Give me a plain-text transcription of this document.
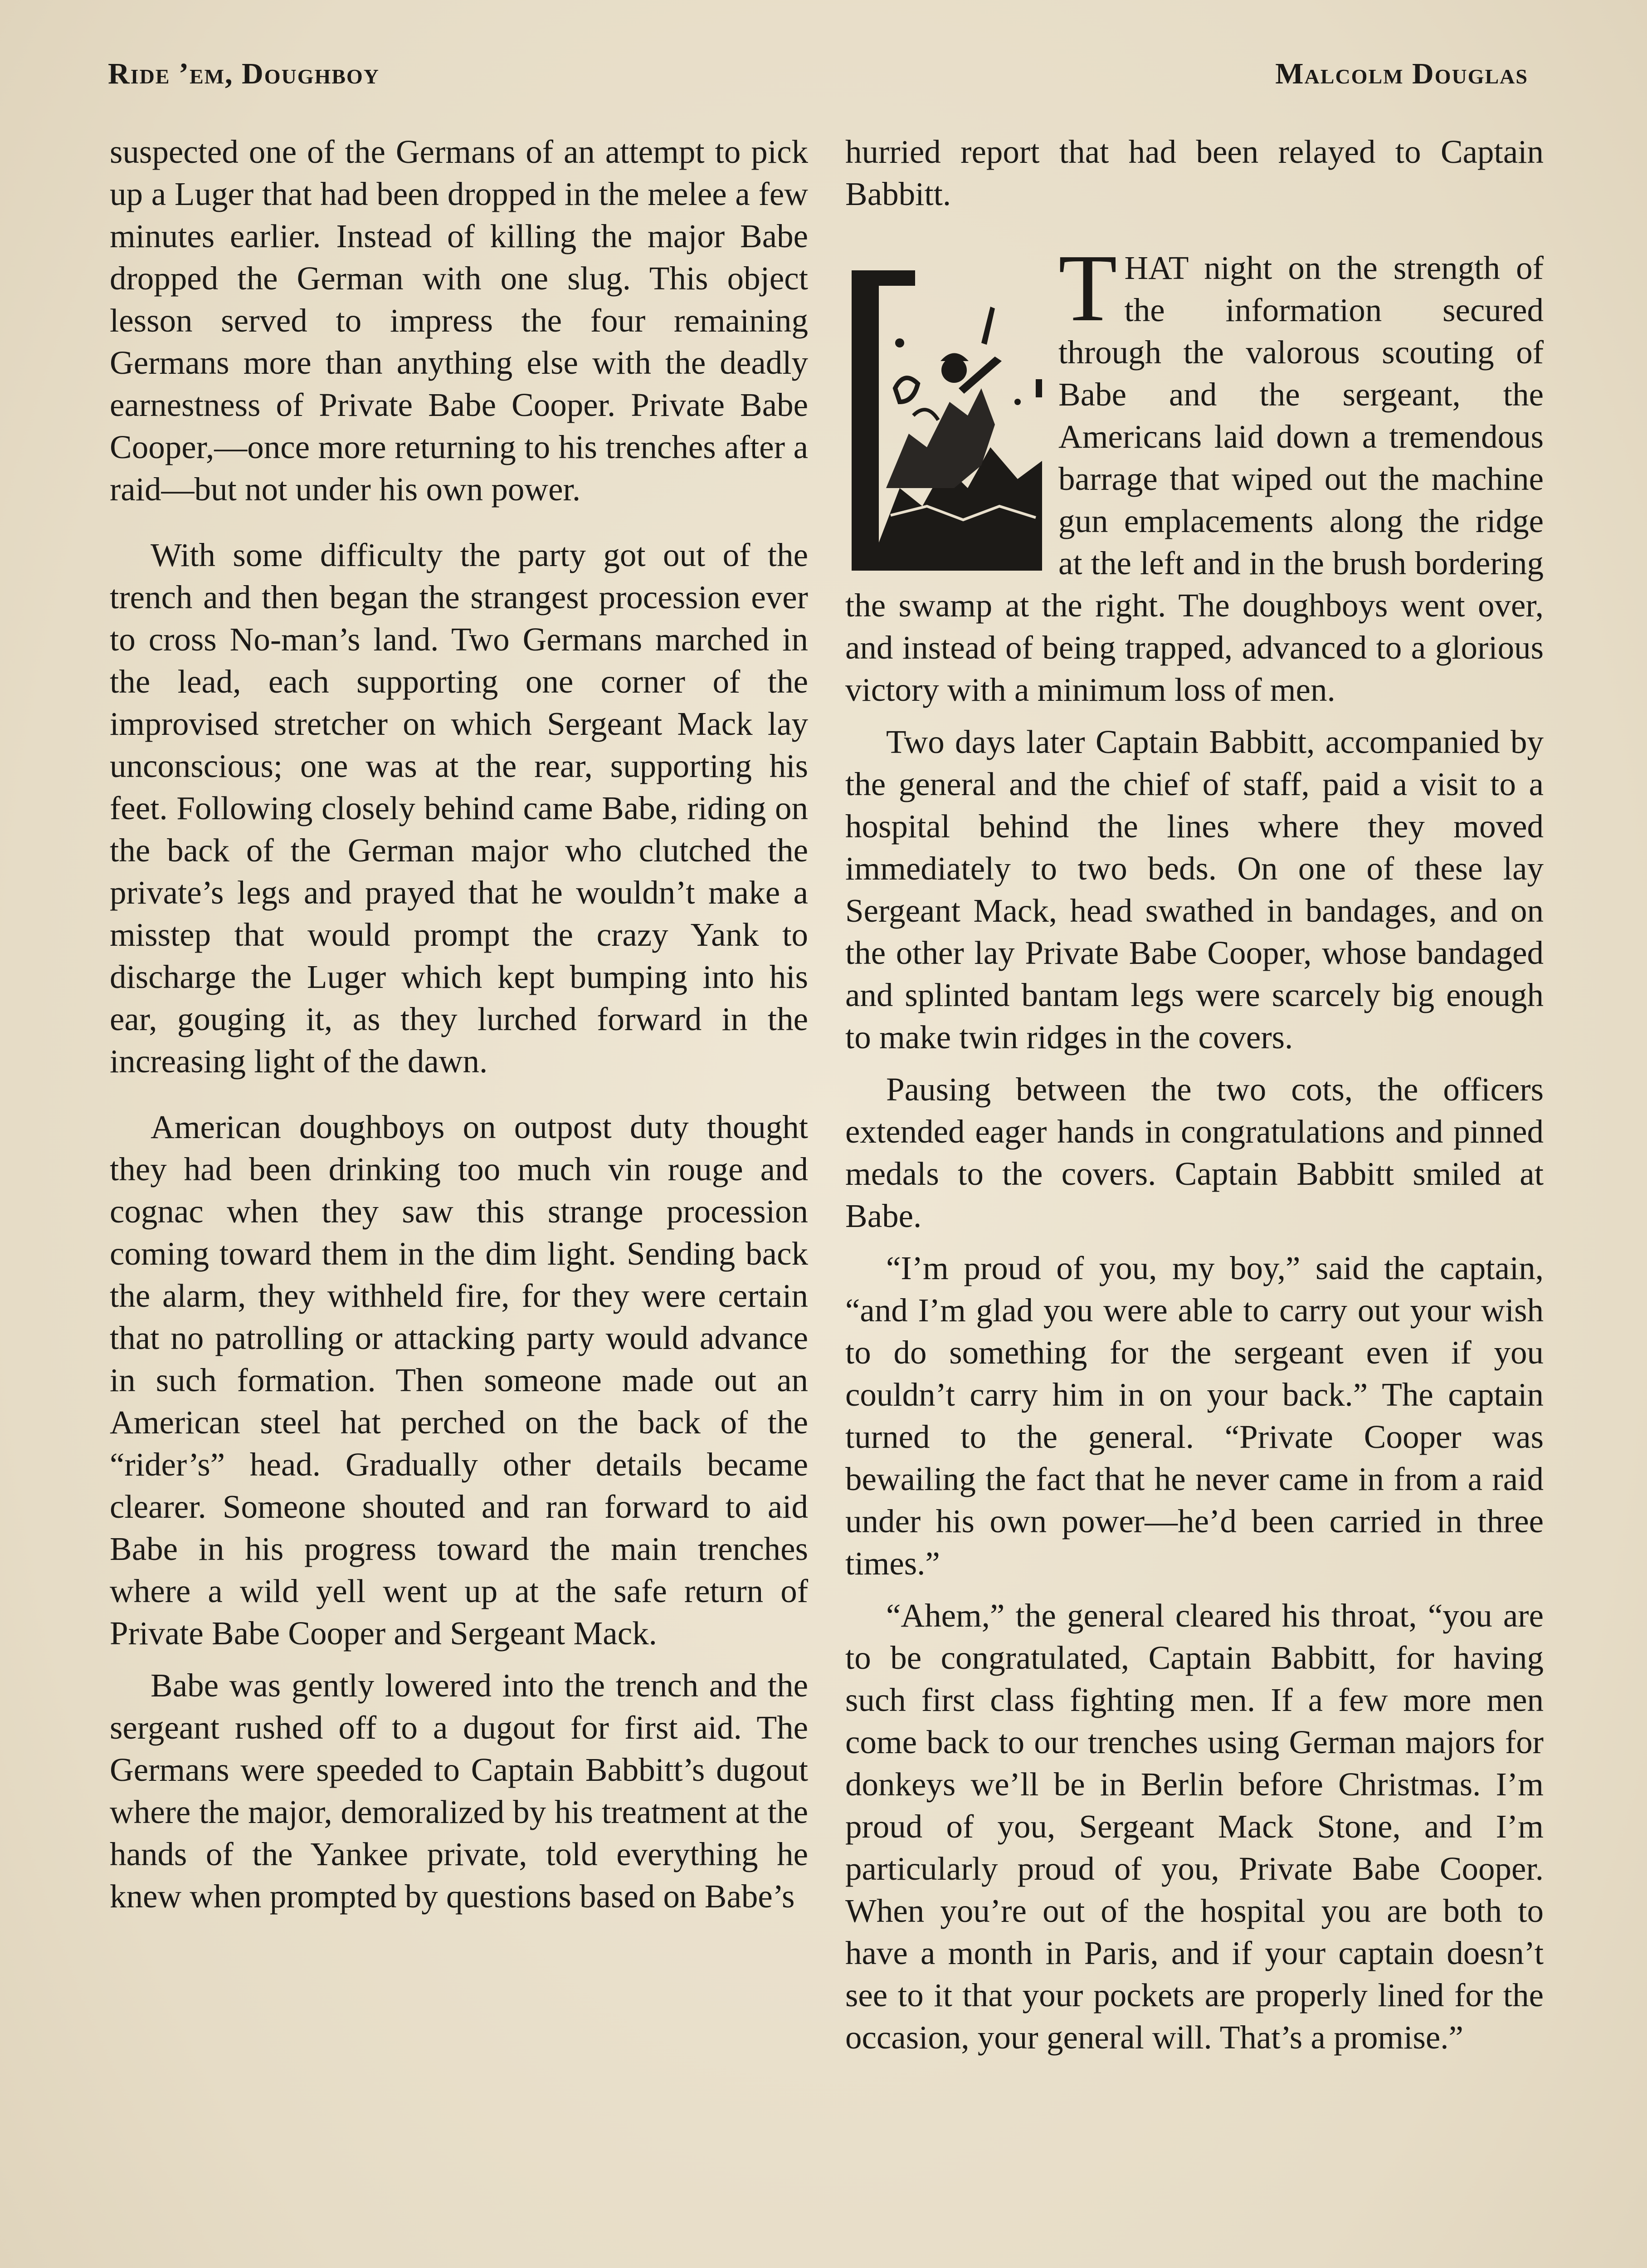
Ride ’em, Doughboy	Malcolm Douglas

suspected one of the Germans of an attempt to pick up a Luger that had been dropped in the melee a few minutes earlier. Instead of killing the major Babe dropped the German with one slug. This object lesson served to impress the four remaining Germans more than anything else with the deadly earnestness of Private Babe Cooper. Private Babe Cooper,—once more returning to his trenches after a raid—but not under his own power.

With some difficulty the party got out of the trench and then began the strangest procession ever to cross No-man’s land. Two Germans marched in the lead, each supporting one corner of the improvised stretcher on which Sergeant Mack lay unconscious; one was at the rear, supporting his feet. Following closely behind came Babe, riding on the back of the German major who clutched the private’s legs and prayed that he wouldn’t make a misstep that would prompt the crazy Yank to discharge the Luger which kept bumping into his ear, gouging it, as they lurched forward in the increasing light of the dawn.

American doughboys on outpost duty thought they had been drinking too much vin rouge and cognac when they saw this strange procession coming toward them in the dim light. Sending back the alarm, they withheld fire, for they were certain that no patrolling or attacking party would advance in such formation. Then someone made out an American steel hat perched on the back of the “rider’s” head. Gradually other details became clearer. Someone shouted and ran forward to aid Babe in his progress toward the main trenches where a wild yell went up at the safe return of Private Babe Cooper and Sergeant Mack.

Babe was gently lowered into the trench and the sergeant rushed off to a dugout for first aid. The Germans were speeded to Captain Babbitt’s dugout where the major, demoralized by his treatment at the hands of the Yankee private, told everything he knew when prompted by questions based on Babe’s

hurried report that had been relayed to Captain Babbitt.

THAT night on the strength of the information secured through the valorous scouting of Babe and the sergeant, the Americans laid down a tremendous barrage that wiped out the machine gun emplacements along the ridge at the left and in the brush bordering the swamp at the right. The doughboys went over, and instead of being trapped, advanced to a glorious victory with a minimum loss of men.

Two days later Captain Babbitt, accompanied by the general and the chief of staff, paid a visit to a hospital behind the lines where they moved immediately to two beds. On one of these lay Sergeant Mack, head swathed in bandages, and on the other lay Private Babe Cooper, whose bandaged and splinted bantam legs were scarcely big enough to make twin ridges in the covers.

Pausing between the two cots, the officers extended eager hands in congratulations and pinned medals to the covers. Captain Babbitt smiled at Babe.

“I’m proud of you, my boy,” said the captain, “and I’m glad you were able to carry out your wish to do something for the sergeant even if you couldn’t carry him in on your back.” The captain turned to the general. “Private Cooper was bewailing the fact that he never came in from a raid under his own power—he’d been carried in three times.”

“Ahem,” the general cleared his throat, “you are to be congratulated, Captain Babbitt, for having such first class fighting men. If a few more men come back to our trenches using German majors for donkeys we’ll be in Berlin before Christmas. I’m proud of you, Sergeant Mack Stone, and I’m particularly proud of you, Private Babe Cooper. When you’re out of the hospital you are both to have a month in Paris, and if your captain doesn’t see to it that your pockets are properly lined for the occasion, your general will. That’s a promise.”
